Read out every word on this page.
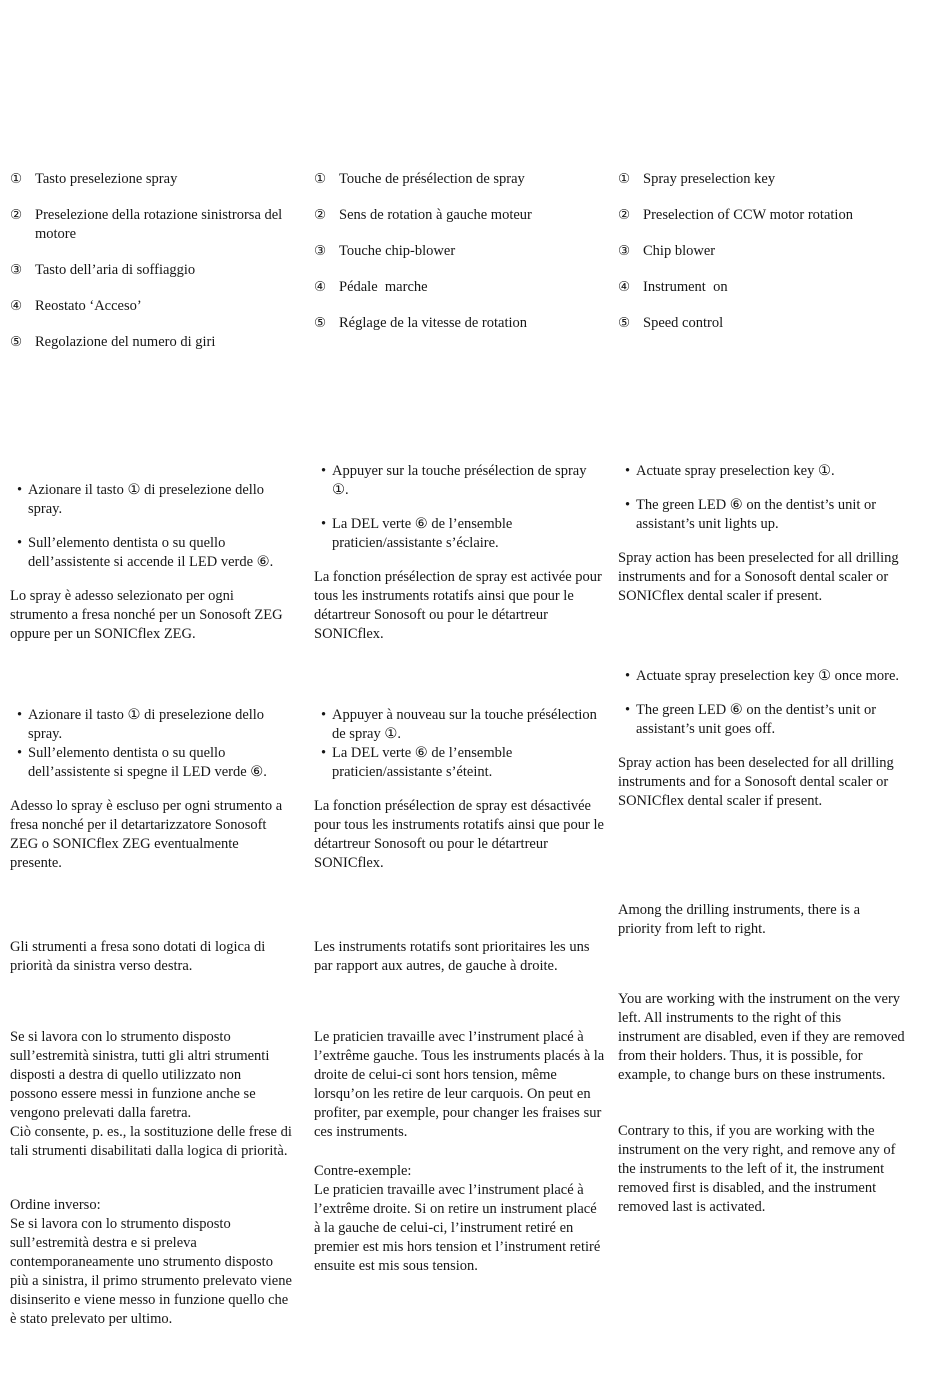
① Tasto preselezione spray
② Preselezione della rotazione sinistrorsa del motore
③ Tasto dell’aria di soffiaggio
④ Reostato ‘Acceso’
⑤ Regolazione del numero di giri
• Azionare il tasto ① di preselezione dello spray.
• Sull’elemento dentista o su quello dell’assistente si accende il LED verde ⑥.

Lo spray è adesso selezionato per ogni strumento a fresa nonché per un Sonosoft ZEG oppure per un SONICflex ZEG.

• Azionare il tasto ① di preselezione dello spray.
• Sull’elemento dentista o su quello dell’assistente si spegne il LED verde ⑥.

Adesso lo spray è escluso per ogni strumento a fresa nonché per il detartarizzatore Sonosoft ZEG o SONICflex ZEG eventualmente presente.

Gli strumenti a fresa sono dotati di logica di priorità da sinistra verso destra.

Se si lavora con lo strumento disposto sull’estremità sinistra, tutti gli altri strumenti disposti a destra di quello utilizzato non possono essere messi in funzione anche se vengono prelevati dalla faretra.

Ciò consente, p. es., la sostituzione delle frese di tali strumenti disabilitati dalla logica di priorità.

Ordine inverso:

Se si lavora con lo strumento disposto sull’estremità destra e si preleva contemporaneamente uno strumento disposto più a sinistra, il primo strumento prelevato viene disinserito e viene messo in funzione quello che è stato prelevato per ultimo.

① Touche de présélection de spray
② Sens de rotation à gauche moteur
③ Touche chip-blower
④ Pédale  marche
⑤ Réglage de la vitesse de rotation
• Appuyer sur la touche présélection de spray ①.
• La DEL verte ⑥ de l’ensemble praticien/assistante s’éclaire.

La fonction présélection de spray est activée pour tous les instruments rotatifs ainsi que pour le détartreur Sonosoft ou pour le détartreur SONICflex.

• Appuyer à nouveau sur la touche présélection de spray ①.
• La DEL verte ⑥ de l’ensemble praticien/assistante s’éteint.

La fonction présélection de spray est désactivée pour tous les instruments rotatifs ainsi que pour le détartreur Sonosoft ou pour le détartreur SONICflex.

Les instruments rotatifs sont prioritaires les uns par rapport aux autres, de gauche à droite.

Le praticien travaille avec l’instrument placé à l’extrême gauche. Tous les instruments placés à la droite de celui-ci sont hors tension, même lorsqu’on les retire de leur carquois. On peut en profiter, par exemple, pour changer les fraises sur ces instruments.

Contre-exemple:

Le praticien travaille avec l’instrument placé à l’extrême droite. Si on retire un instrument placé à la gauche de celui-ci, l’instrument retiré en premier est mis hors tension et l’instrument retiré ensuite est mis sous tension.

① Spray preselection key
② Preselection of CCW motor rotation
③ Chip blower
④ Instrument  on
⑤ Speed control
• Actuate spray preselection key ①.
• The green LED ⑥ on the dentist’s unit or assistant’s unit lights up.

Spray action has been preselected for all drilling instruments and for a Sonosoft dental scaler or SONICflex dental scaler if present.

• Actuate spray preselection key ① once more.
• The green LED ⑥ on the dentist’s unit or assistant’s unit goes off.

Spray action has been deselected for all drilling instruments and for a Sonosoft dental scaler or SONICflex dental scaler if present.

Among the drilling instruments, there is a priority from left to right.

You are working with the instrument on the very left. All instruments to the right of this instrument are disabled, even if they are removed from their holders. Thus, it is possible, for example, to change burs on these instruments.

Contrary to this, if you are working with the instrument on the very right, and remove any of the instruments to the left of it, the instrument removed first is disabled, and the instrument removed last is activated.
